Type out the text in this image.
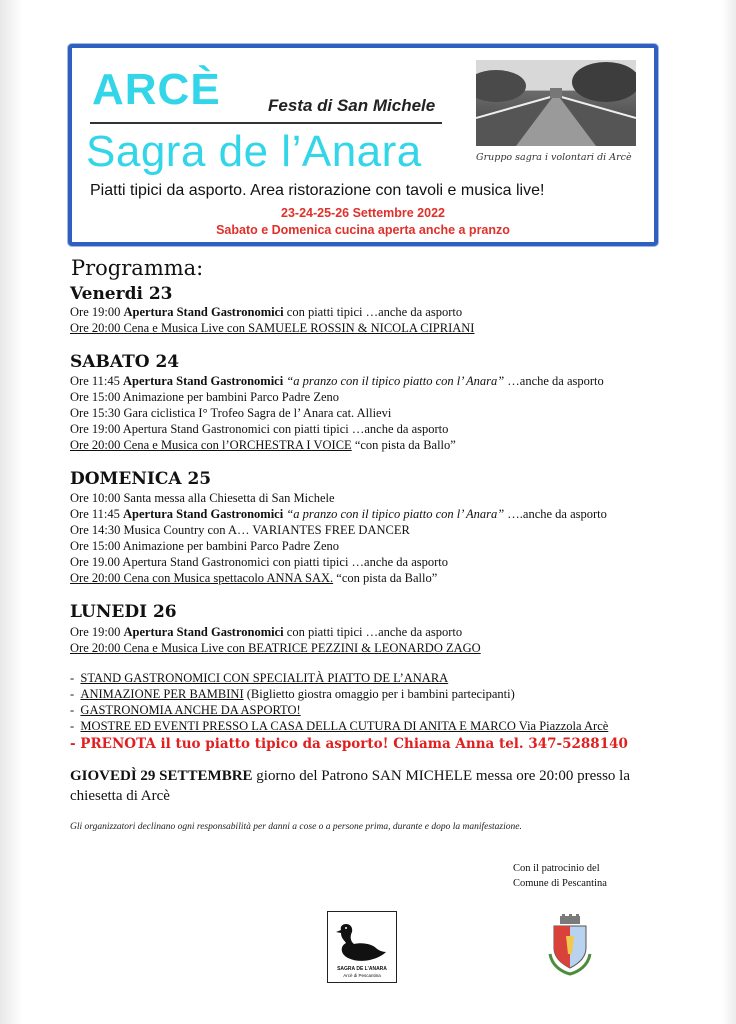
ARCÈ	Festa di San Michele
Sagra de l’Anara	Gruppo sagra i volontari di Arcè
Piatti tipici da asporto. Area ristorazione con tavoli e musica live!
23-24-25-26 Settembre 2022
Sabato e Domenica cucina aperta anche a pranzo
Programma:
Venerdi 23
Ore 19:00 Apertura Stand Gastronomici con piatti tipici …anche da asporto
Ore 20:00 Cena e Musica Live con SAMUELE ROSSIN & NICOLA CIPRIANI
SABATO 24
Ore 11:45 Apertura Stand Gastronomici “a pranzo con il tipico piatto con l’ Anara” …anche da asporto
Ore 15:00 Animazione per bambini Parco Padre Zeno
Ore 15:30 Gara ciclistica I° Trofeo Sagra de l’ Anara cat. Allievi
Ore 19:00 Apertura Stand Gastronomici con piatti tipici …anche da asporto
Ore 20:00 Cena e Musica con l’ORCHESTRA I VOICE “con pista da Ballo”
DOMENICA 25
Ore 10:00 Santa messa alla Chiesetta di San Michele
Ore 11:45 Apertura Stand Gastronomici “a pranzo con il tipico piatto con l’ Anara” ….anche da asporto
Ore 14:30 Musica Country con A… VARIANTES FREE DANCER
Ore 15:00 Animazione per bambini Parco Padre Zeno
Ore 19.00 Apertura Stand Gastronomici con piatti tipici …anche da asporto
Ore 20:00 Cena con Musica spettacolo ANNA SAX. “con pista da Ballo”
LUNEDI 26
Ore 19:00 Apertura Stand Gastronomici con piatti tipici …anche da asporto
Ore 20:00 Cena e Musica Live con BEATRICE PEZZINI & LEONARDO ZAGO
-  STAND GASTRONOMICI CON SPECIALITÀ PIATTO DE L’ANARA
-  ANIMAZIONE PER BAMBINI (Biglietto giostra omaggio per i bambini partecipanti)
-  GASTRONOMIA ANCHE DA ASPORTO!
-  MOSTRE ED EVENTI PRESSO LA CASA DELLA CUTURA DI ANITA E MARCO Via Piazzola Arcè
- PRENOTA il tuo piatto tipico da asporto! Chiama Anna tel. 347-5288140
GIOVEDÌ 29 SETTEMBRE giorno del Patrono SAN MICHELE messa ore 20:00 presso la chiesetta di Arcè
Gli organizzatori declinano ogni responsabilità per danni a cose o a persone prima, durante e dopo la manifestazione.
Con il patrocinio del
Comune di Pescantina
SAGRA DE L’ANARA
Arcè di Pescantina
